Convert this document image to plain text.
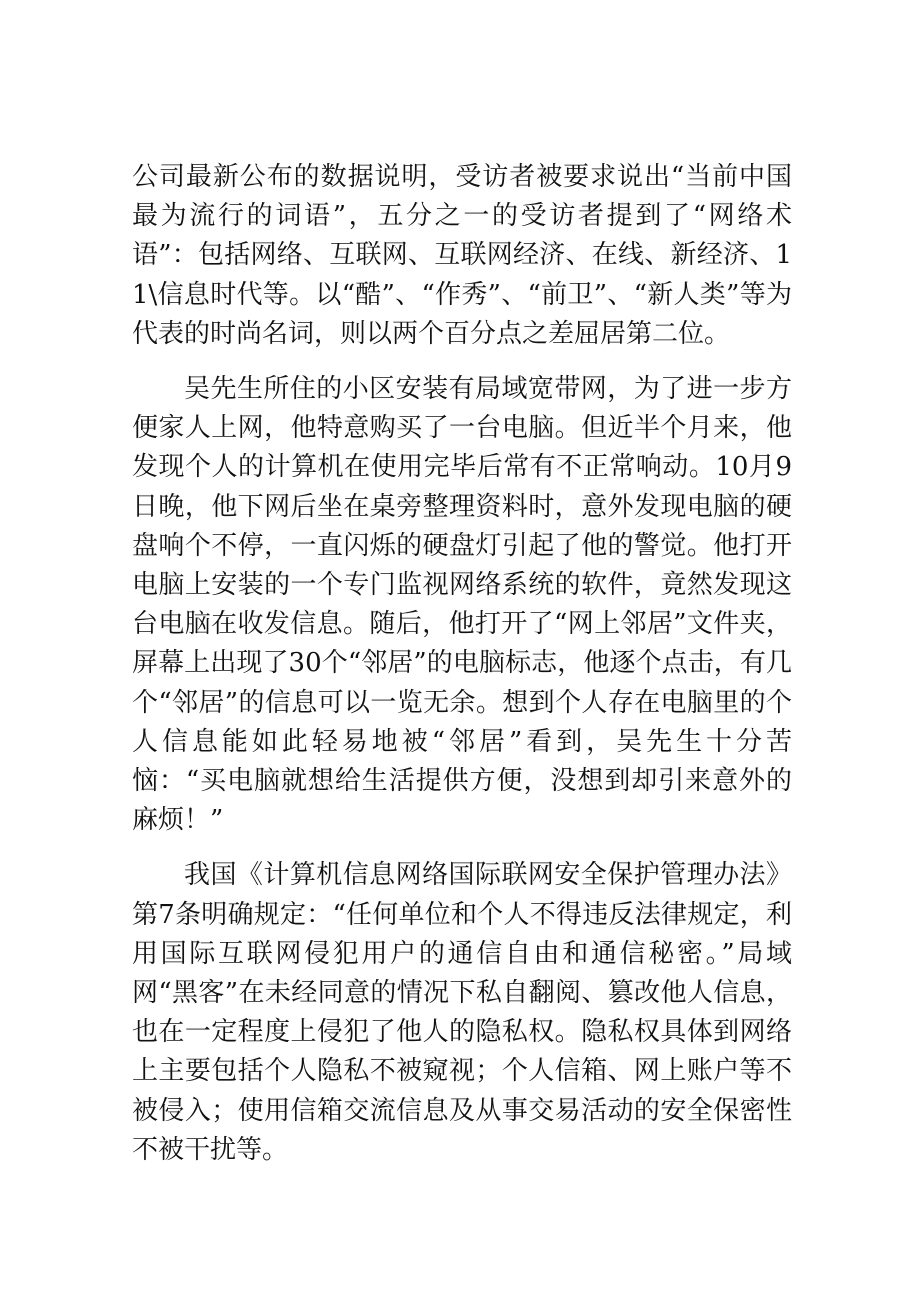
公司最新公布的数据说明，受访者被要求说出“当前中国最为流行的词语”，五分之一的受访者提到了“网络术语”：包括网络、互联网、互联网经济、在线、新经济、11\信息时代等。以“酷”、“作秀”、“前卫”、“新人类”等为代表的时尚名词，则以两个百分点之差屈居第二位。

吴先生所住的小区安装有局域宽带网，为了进一步方便家人上网，他特意购买了一台电脑。但近半个月来，他发现个人的计算机在使用完毕后常有不正常响动。10月9日晚，他下网后坐在桌旁整理资料时，意外发现电脑的硬盘响个不停，一直闪烁的硬盘灯引起了他的警觉。他打开电脑上安装的一个专门监视网络系统的软件，竟然发现这台电脑在收发信息。随后，他打开了“网上邻居”文件夹，屏幕上出现了30个“邻居”的电脑标志，他逐个点击，有几个“邻居”的信息可以一览无余。想到个人存在电脑里的个人信息能如此轻易地被“邻居”看到，吴先生十分苦恼：“买电脑就想给生活提供方便，没想到却引来意外的麻烦！”

我国《计算机信息网络国际联网安全保护管理办法》第7条明确规定：“任何单位和个人不得违反法律规定，利用国际互联网侵犯用户的通信自由和通信秘密。”局域网“黑客”在未经同意的情况下私自翻阅、篡改他人信息，也在一定程度上侵犯了他人的隐私权。隐私权具体到网络上主要包括个人隐私不被窥视；个人信箱、网上账户等不被侵入；使用信箱交流信息及从事交易活动的安全保密性不被干扰等。
